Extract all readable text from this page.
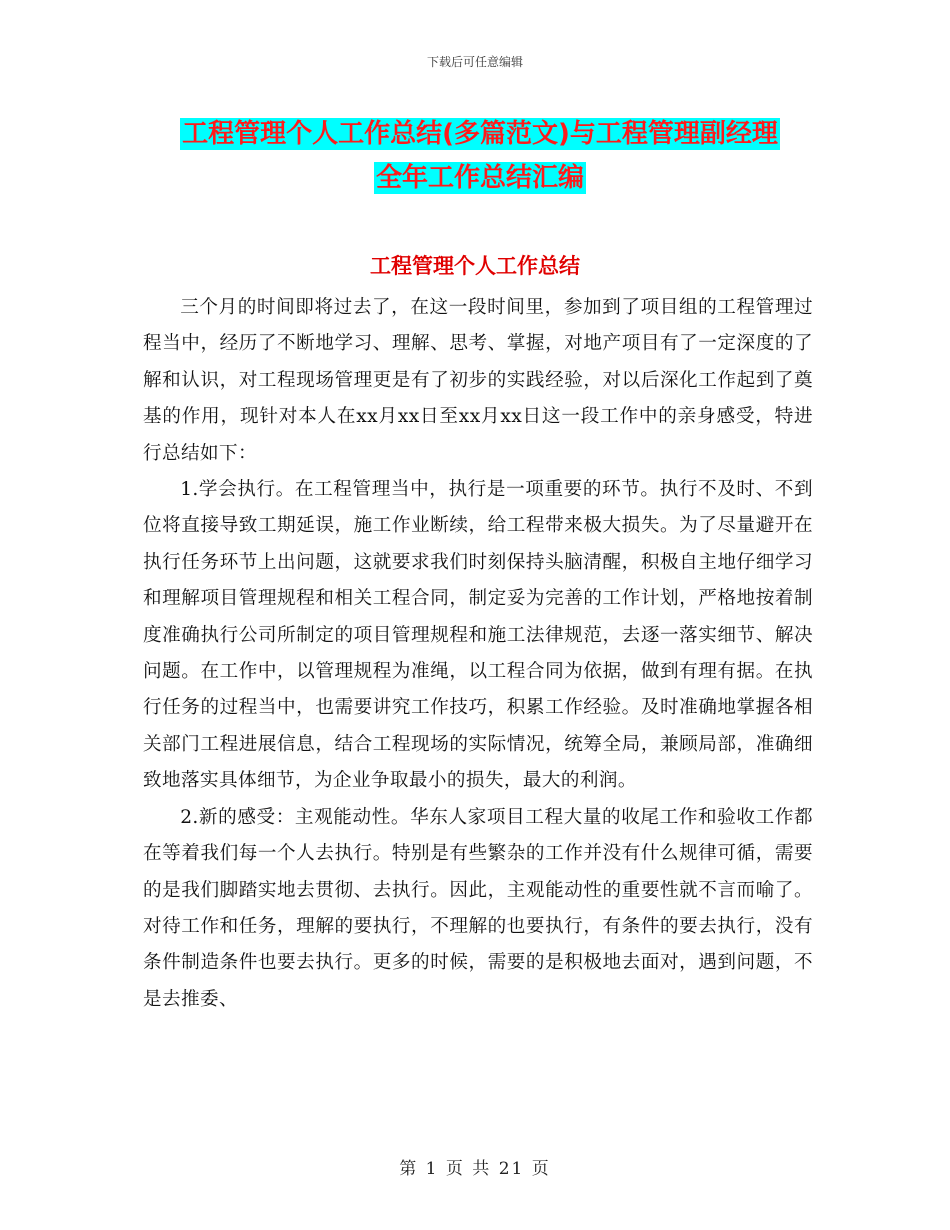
下载后可任意编辑
工程管理个人工作总结(多篇范文)与工程管理副经理
全年工作总结汇编
工程管理个人工作总结

三个月的时间即将过去了，在这一段时间里，参加到了项目组的工程管理过程当中，经历了不断地学习、理解、思考、掌握，对地产项目有了一定深度的了解和认识，对工程现场管理更是有了初步的实践经验，对以后深化工作起到了奠基的作用，现针对本人在xx月xx日至xx月xx日这一段工作中的亲身感受，特进行总结如下：

1.学会执行。在工程管理当中，执行是一项重要的环节。执行不及时、不到位将直接导致工期延误，施工作业断续，给工程带来极大损失。为了尽量避开在执行任务环节上出问题，这就要求我们时刻保持头脑清醒，积极自主地仔细学习和理解项目管理规程和相关工程合同，制定妥为完善的工作计划，严格地按着制度准确执行公司所制定的项目管理规程和施工法律规范，去逐一落实细节、解决问题。在工作中，以管理规程为准绳，以工程合同为依据，做到有理有据。在执行任务的过程当中，也需要讲究工作技巧，积累工作经验。及时准确地掌握各相关部门工程进展信息，结合工程现场的实际情况，统筹全局，兼顾局部，准确细致地落实具体细节，为企业争取最小的损失，最大的利润。

2.新的感受：主观能动性。华东人家项目工程大量的收尾工作和验收工作都在等着我们每一个人去执行。特别是有些繁杂的工作并没有什么规律可循，需要的是我们脚踏实地去贯彻、去执行。因此，主观能动性的重要性就不言而喻了。对待工作和任务，理解的要执行，不理解的也要执行，有条件的要去执行，没有条件制造条件也要去执行。更多的时候，需要的是积极地去面对，遇到问题，不是去推委、

第 1 页 共 21 页
